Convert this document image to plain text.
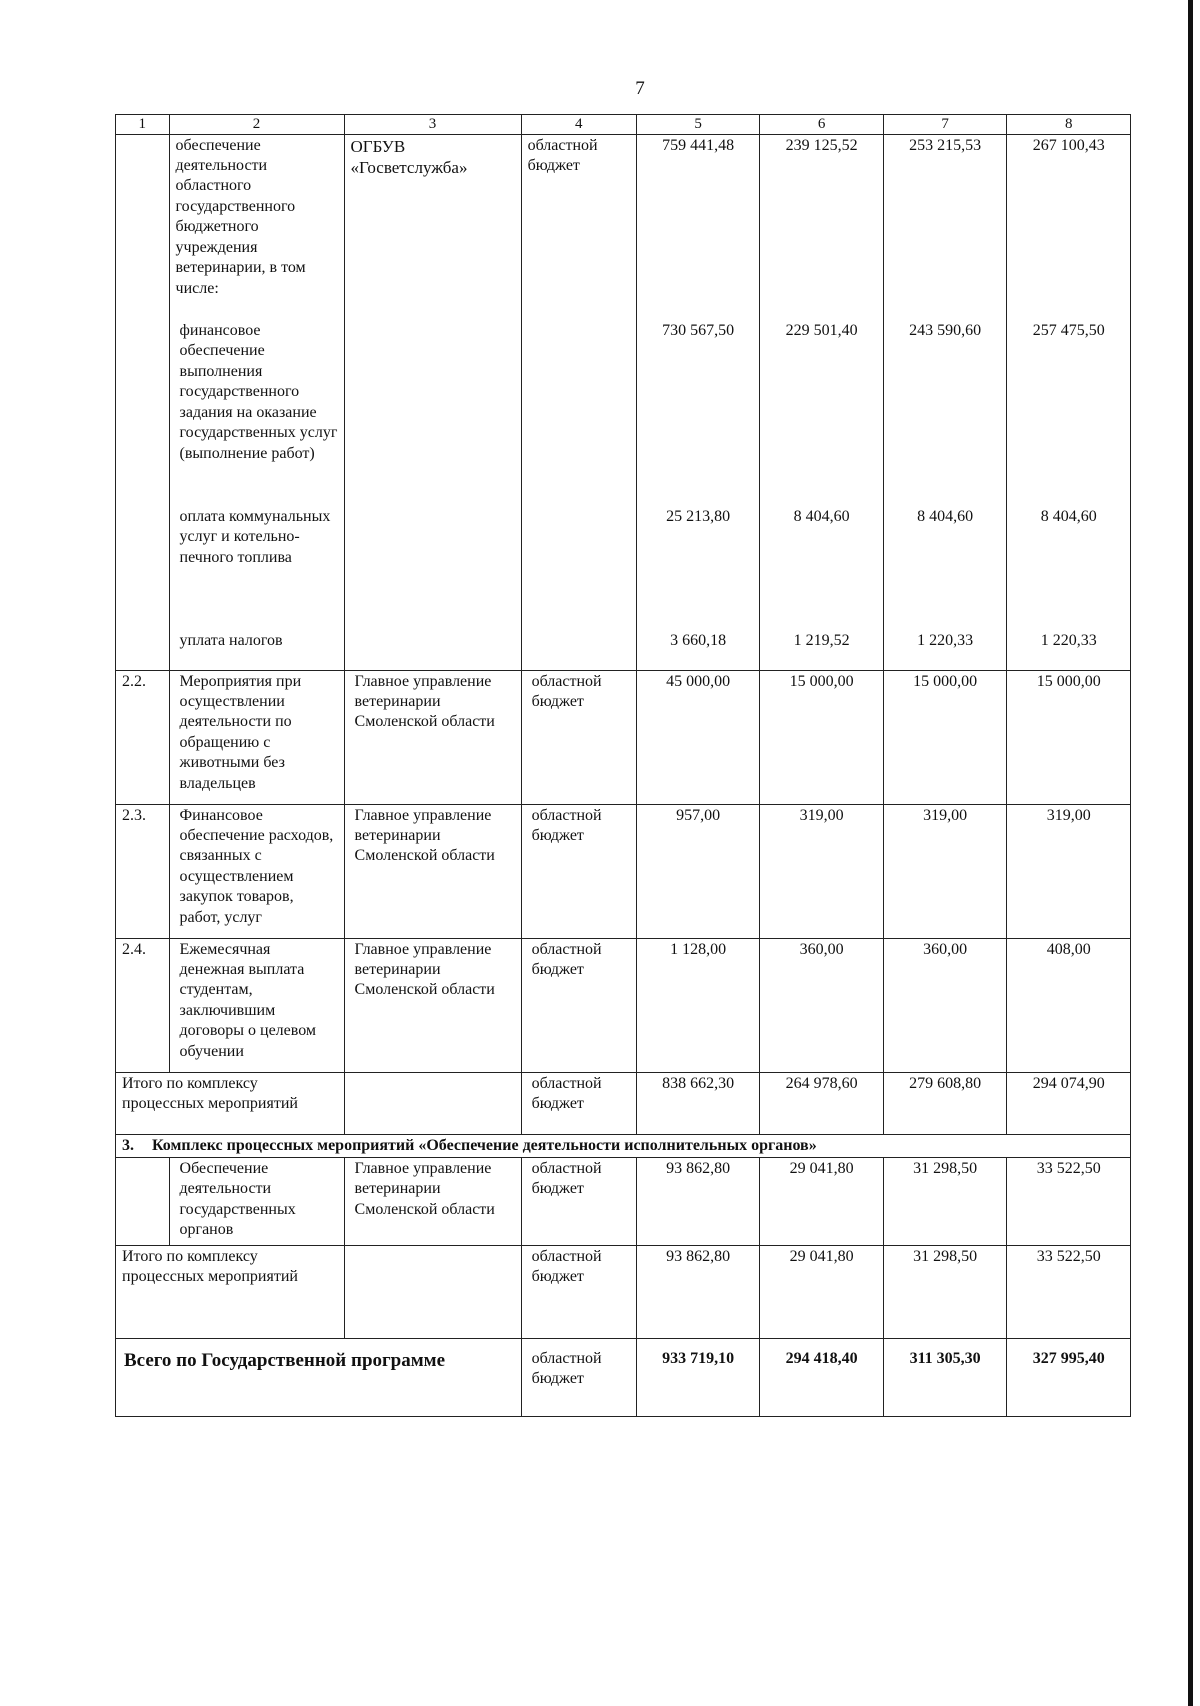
7
1	2	3	4	5	6	7	8
	обеспечение деятельности областного государственного бюджетного учреждения ветеринарии, в том числе:	ОГБУВ «Госветслужба»	областной бюджет	759 441,48	239 125,52	253 215,53	267 100,43
	финансовое обеспечение выполнения государственного задания на оказание государственных услуг (выполнение работ)			730 567,50	229 501,40	243 590,60	257 475,50
	оплата коммунальных услуг и котельно-печного топлива			25 213,80	8 404,60	8 404,60	8 404,60
	уплата налогов			3 660,18	1 219,52	1 220,33	1 220,33
2.2.	Мероприятия при осуществлении деятельности по обращению с животными без владельцев	Главное управление ветеринарии Смоленской области	областной бюджет	45 000,00	15 000,00	15 000,00	15 000,00
2.3.	Финансовое обеспечение расходов, связанных с осуществлением закупок товаров, работ, услуг	Главное управление ветеринарии Смоленской области	областной бюджет	957,00	319,00	319,00	319,00
2.4.	Ежемесячная денежная выплата студентам, заключившим договоры о целевом обучении	Главное управление ветеринарии Смоленской области	областной бюджет	1 128,00	360,00	360,00	408,00
Итого по комплексу процессных мероприятий			областной бюджет	838 662,30	264 978,60	279 608,80	294 074,90
3. Комплекс процессных мероприятий «Обеспечение деятельности исполнительных органов»							
	Обеспечение деятельности государственных органов	Главное управление ветеринарии Смоленской области	областной бюджет	93 862,80	29 041,80	31 298,50	33 522,50
Итого по комплексу процессных мероприятий			областной бюджет	93 862,80	29 041,80	31 298,50	33 522,50
Всего по Государственной программе			областной бюджет	933 719,10	294 418,40	311 305,30	327 995,40
